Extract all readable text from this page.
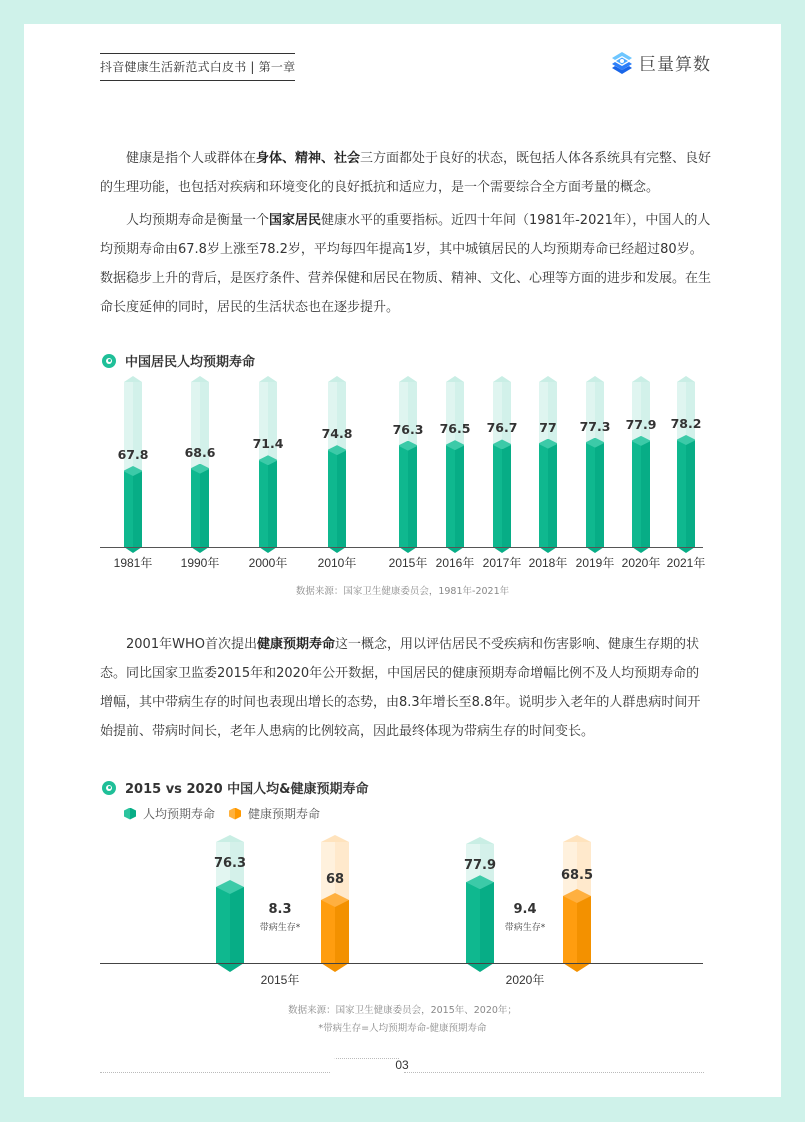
抖音健康生活新范式白皮书 | 第一章	巨量算数

健康是指个人或群体在身体、精神、社会三方面都处于良好的状态，既包括人体各系统具有完整、良好的生理功能，也包括对疾病和环境变化的良好抵抗和适应力，是一个需要综合全方面考量的概念。

人均预期寿命是衡量一个国家居民健康水平的重要指标。近四十年间（1981年-2021年），中国人的人均预期寿命由67.8岁上涨至78.2岁，平均每四年提高1岁，其中城镇居民的人均预期寿命已经超过80岁。数据稳步上升的背后，是医疗条件、营养保健和居民在物质、精神、文化、心理等方面的进步和发展。在生命长度延伸的同时，居民的生活状态也在逐步提升。

中国居民人均预期寿命
67.8
1981年
68.6
1990年
71.4
2000年
74.8
2010年
76.3
2015年
76.5
2016年
76.7
2017年
77
2018年
77.3
2019年
77.9
2020年
78.2
2021年
数据来源：国家卫生健康委员会，1981年-2021年

2001年WHO首次提出健康预期寿命这一概念，用以评估居民不受疾病和伤害影响、健康生存期的状态。同比国家卫监委2015年和2020年公开数据，中国居民的健康预期寿命增幅比例不及人均预期寿命的增幅，其中带病生存的时间也表现出增长的态势，由8.3年增长至8.8年。说明步入老年的人群患病时间开始提前、带病时间长，老年人患病的比例较高，因此最终体现为带病生存的时间变长。

2015 vs 2020 中国人均&健康预期寿命
人均预期寿命	健康预期寿命
76.3
68
8.3
带病生存*
2015年
77.9
68.5
9.4
带病生存*
2020年
数据来源：国家卫生健康委员会，2015年、2020年；
*带病生存=人均预期寿命-健康预期寿命
03
